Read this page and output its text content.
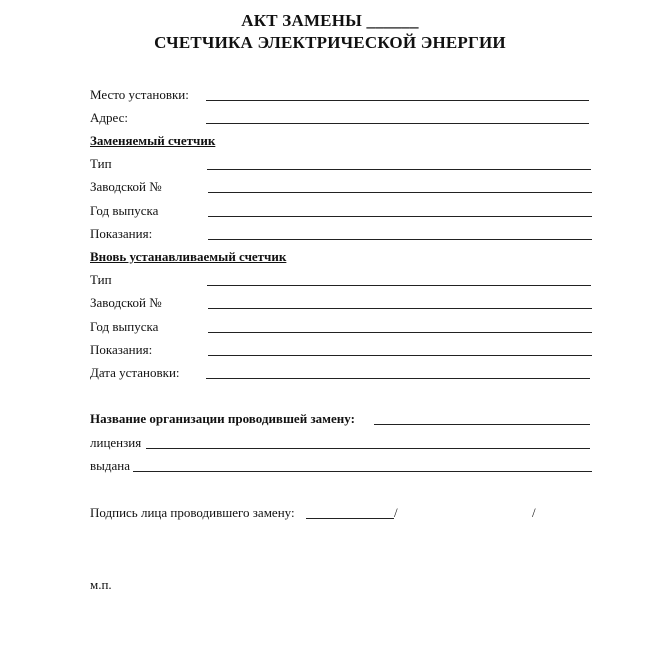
АКТ ЗАМЕНЫ ______
СЧЕТЧИКА ЭЛЕКТРИЧЕСКОЙ ЭНЕРГИИ
Место установки:
Адрес:
Заменяемый счетчик
Тип
Заводской №
Год выпуска
Показания:
Вновь устанавливаемый счетчик
Тип
Заводской №
Год выпуска
Показания:
Дата установки:
Название организации проводившей замену:
лицензия
выдана
Подпись лица проводившего замену:	/	/
м.п.
